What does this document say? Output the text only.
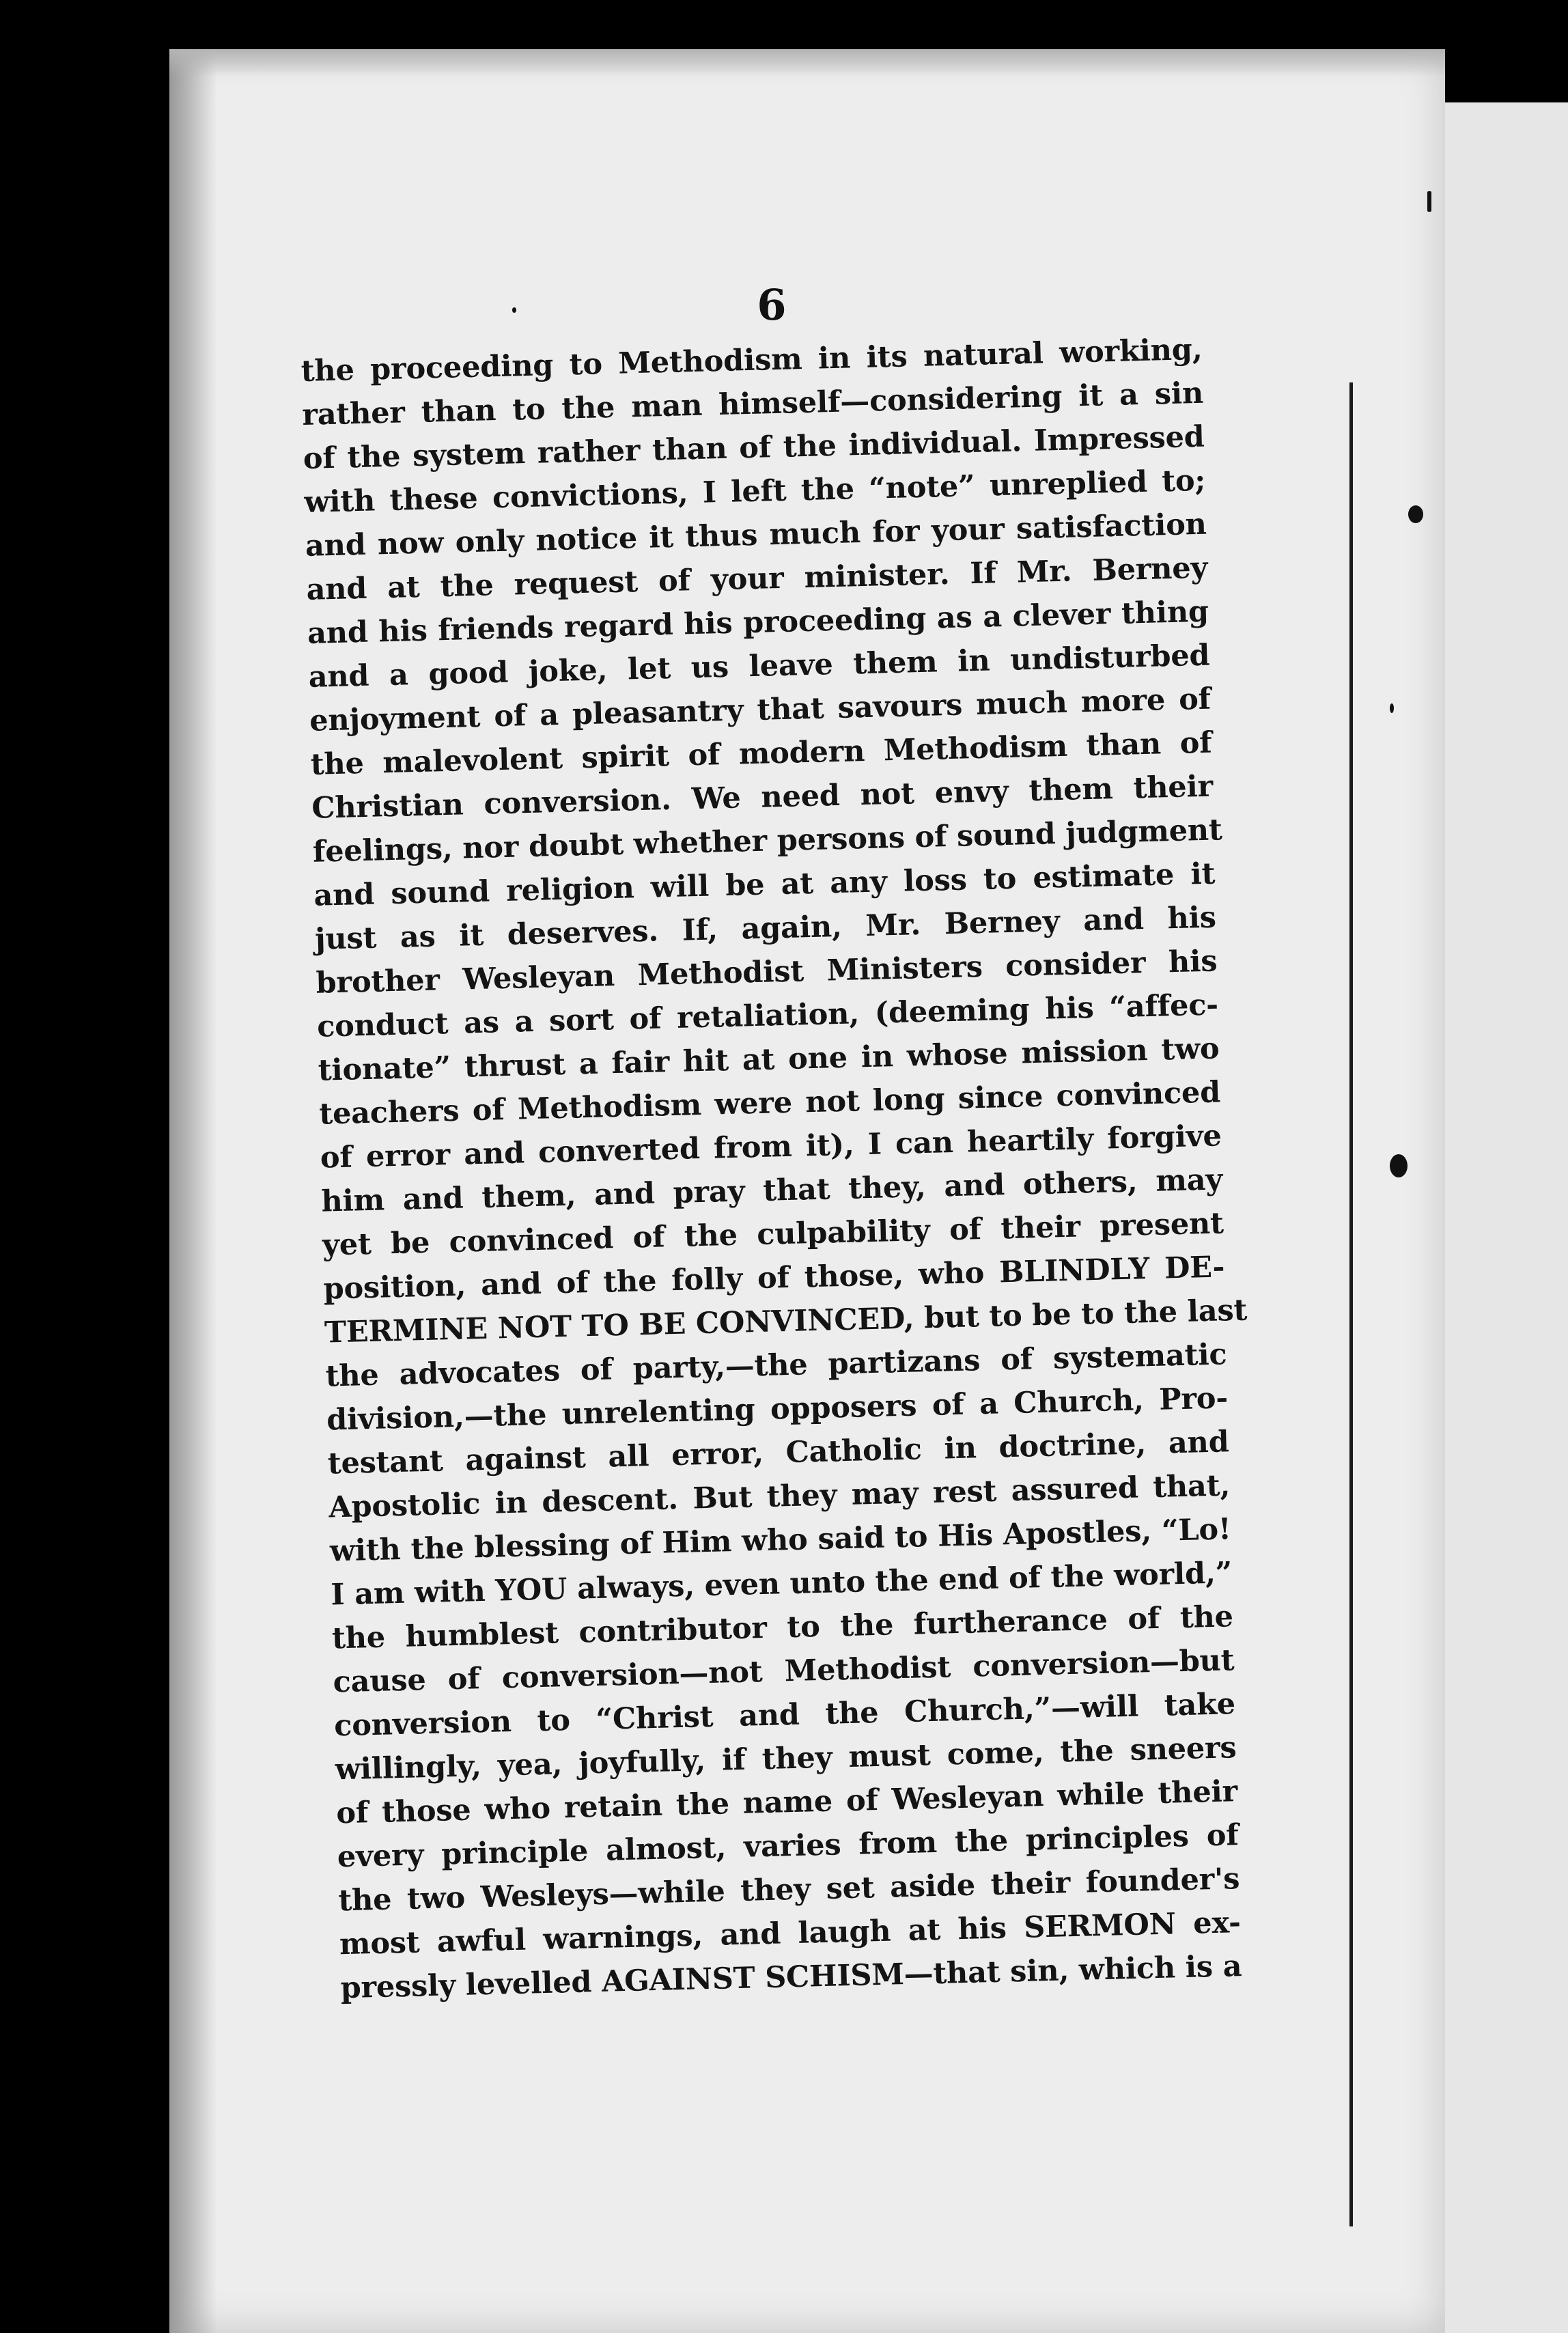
6
the proceeding to Methodism in its natural working,
rather than to the man himself—considering it a sin
of the system rather than of the individual. Impressed
with these convictions, I left the “note” unreplied to;
and now only notice it thus much for your satisfaction
and at the request of your minister. If Mr. Berney
and his friends regard his proceeding as a clever thing
and a good joke, let us leave them in undisturbed
enjoyment of a pleasantry that savours much more of
the malevolent spirit of modern Methodism than of
Christian conversion. We need not envy them their
feelings, nor doubt whether persons of sound judgment
and sound religion will be at any loss to estimate it
just as it deserves. If, again, Mr. Berney and his
brother Wesleyan Methodist Ministers consider his
conduct as a sort of retaliation, (deeming his “affec-
tionate” thrust a fair hit at one in whose mission two
teachers of Methodism were not long since convinced
of error and converted from it), I can heartily forgive
him and them, and pray that they, and others, may
yet be convinced of the culpability of their present
position, and of the folly of those, who BLINDLY DE-
TERMINE NOT TO BE CONVINCED, but to be to the last
the advocates of party,—the partizans of systematic
division,—the unrelenting opposers of a Church, Pro-
testant against all error, Catholic in doctrine, and
Apostolic in descent. But they may rest assured that,
with the blessing of Him who said to His Apostles, “Lo!
I am with YOU always, even unto the end of the world,”
the humblest contributor to the furtherance of the
cause of conversion—not Methodist conversion—but
conversion to “Christ and the Church,”—will take
willingly, yea, joyfully, if they must come, the sneers
of those who retain the name of Wesleyan while their
every principle almost, varies from the principles of
the two Wesleys—while they set aside their founder's
most awful warnings, and laugh at his SERMON ex-
pressly levelled AGAINST SCHISM—that sin, which is a
